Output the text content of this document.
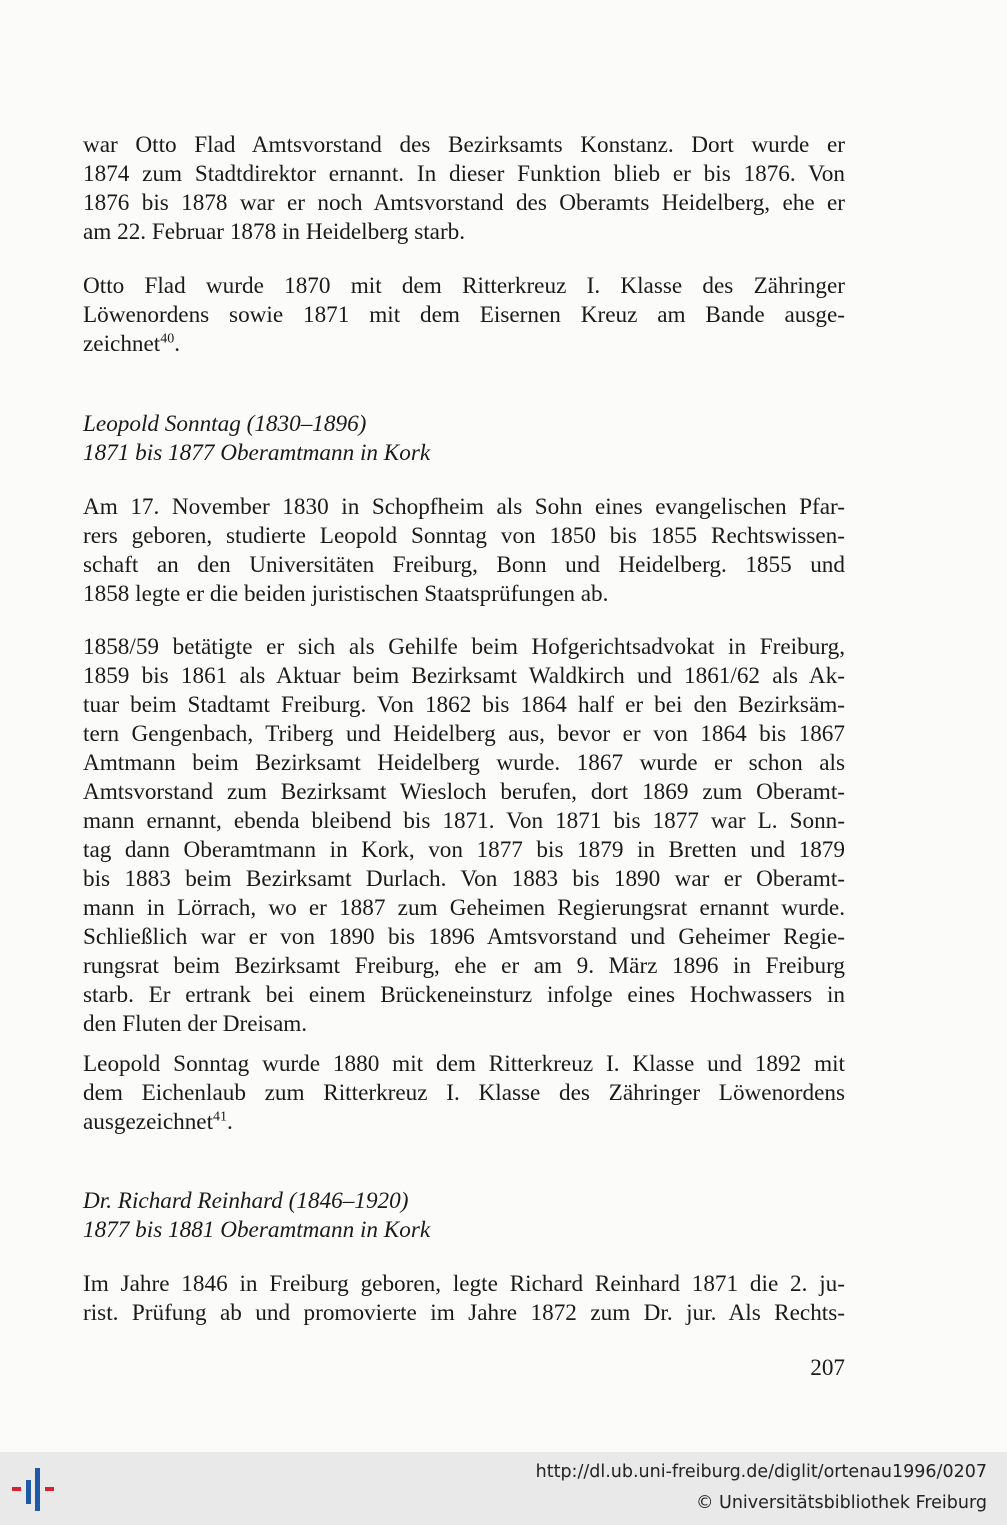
war Otto Flad Amtsvorstand des Bezirksamts Konstanz. Dort wurde er
1874 zum Stadtdirektor ernannt. In dieser Funktion blieb er bis 1876. Von
1876 bis 1878 war er noch Amtsvorstand des Oberamts Heidelberg, ehe er
am 22. Februar 1878 in Heidelberg starb.
Otto Flad wurde 1870 mit dem Ritterkreuz I. Klasse des Zähringer
Löwenordens sowie 1871 mit dem Eisernen Kreuz am Bande ausge-
zeichnet$^{40}$.
Leopold Sonntag (1830–1896)
1871 bis 1877 Oberamtmann in Kork
Am 17. November 1830 in Schopfheim als Sohn eines evangelischen Pfar-
rers geboren, studierte Leopold Sonntag von 1850 bis 1855 Rechtswissen-
schaft an den Universitäten Freiburg, Bonn und Heidelberg. 1855 und
1858 legte er die beiden juristischen Staatsprüfungen ab.
1858/59 betätigte er sich als Gehilfe beim Hofgerichtsadvokat in Freiburg,
1859 bis 1861 als Aktuar beim Bezirksamt Waldkirch und 1861/62 als Ak-
tuar beim Stadtamt Freiburg. Von 1862 bis 1864 half er bei den Bezirksäm-
tern Gengenbach, Triberg und Heidelberg aus, bevor er von 1864 bis 1867
Amtmann beim Bezirksamt Heidelberg wurde. 1867 wurde er schon als
Amtsvorstand zum Bezirksamt Wiesloch berufen, dort 1869 zum Oberamt-
mann ernannt, ebenda bleibend bis 1871. Von 1871 bis 1877 war L. Sonn-
tag dann Oberamtmann in Kork, von 1877 bis 1879 in Bretten und 1879
bis 1883 beim Bezirksamt Durlach. Von 1883 bis 1890 war er Oberamt-
mann in Lörrach, wo er 1887 zum Geheimen Regierungsrat ernannt wurde.
Schließlich war er von 1890 bis 1896 Amtsvorstand und Geheimer Regie-
rungsrat beim Bezirksamt Freiburg, ehe er am 9. März 1896 in Freiburg
starb. Er ertrank bei einem Brückeneinsturz infolge eines Hochwassers in
den Fluten der Dreisam.
Leopold Sonntag wurde 1880 mit dem Ritterkreuz I. Klasse und 1892 mit
dem Eichenlaub zum Ritterkreuz I. Klasse des Zähringer Löwenordens
ausgezeichnet$^{41}$.
Dr. Richard Reinhard (1846–1920)
1877 bis 1881 Oberamtmann in Kork
Im Jahre 1846 in Freiburg geboren, legte Richard Reinhard 1871 die 2. ju-
rist. Prüfung ab und promovierte im Jahre 1872 zum Dr. jur. Als Rechts-
207
http://dl.ub.uni-freiburg.de/diglit/ortenau1996/0207
© Universitätsbibliothek Freiburg
